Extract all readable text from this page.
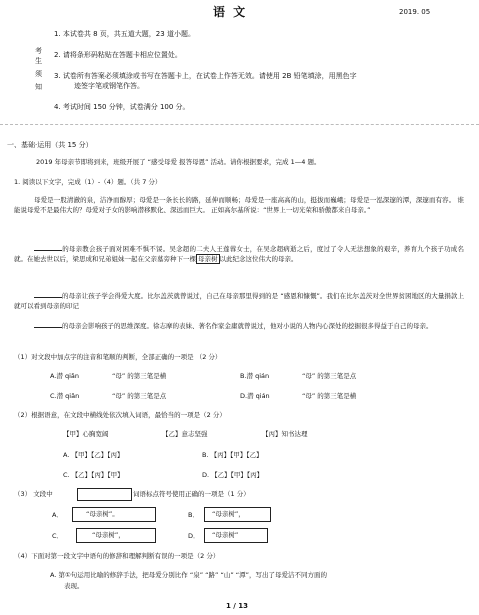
语 文	2019. 05
1. 本试卷共 8 页，共五道大题，23 道小题。
考
生
须
知
2. 请将条形码粘贴在答题卡相应位置处。
3. 试卷所有答案必须填涂或书写在答题卡上，在试卷上作答无效。请使用 2B 铅笔填涂，用黑色字
迹签字笔或钢笔作答。
4. 考试时间 150 分钟，试卷满分 100 分。
一、基础·运用（共 15 分）
2019 年母亲节即将到来，班级开展了 “感受母爱 报答母恩” 活动。请你根据要求，完成 1—4 题。
1. 阅读以下文字，完成（1）-（4）题。（共 7 分）
母爱是一股清澈的泉，洁净而醇厚；母爱是一条长长的路，延伸而顺畅；母爱是一座高高的山，挺拔而巍峨；母爱是一泓深邃的潭，深邃而有容。 谁能说母爱不是最伟大的？母爱对子女的影响潜移默化、深远而巨大。 正如高尔基所说：“世界上一切光荣和骄傲都来自母亲。”
的母亲教会孩子面对困难不惧不馁。吴念超的二夫人王莲蓉女士，在吴念超病逝之后，度过了令人无法想象的艰辛，养育九个孩子功成名就。在她去世以后，梁思成和兄弟姐妹一起在父亲墓旁种下一棵 母亲树 以此纪念这位伟大的母亲。
的母亲让孩子学会得爱大度。比尔盖茨就曾说过，自己在母亲那里得到的是 “感恩和慷慨”。我们在比尔盖茨对全世界贫困地区的大量捐款上就可以看到母亲的印记
的母亲会影响孩子的思维深度。徐志摩的表妹、著名作家金庸就曾说过，他对小说的人物内心深处的挖掘很多得益于自己的母亲。
（1）对文段中加点字的注音和笔顺的判断，全部正确的一项是 （2 分）
A.潜 qiǎn	“母” 的第三笔是横	B.潜 qián	“母” 的第三笔是点
C.潜 qiǎn	“母” 的第三笔是点	D.潜 qián	“母” 的第三笔是横
（2）根据语意，在文段中横线处依次填入词语，最恰当的一项是（2 分）
【甲】心胸宽阔	【乙】意志坚强	【丙】知书达理
A. 【甲】【乙】【丙】	B. 【丙】【甲】【乙】
C. 【乙】【丙】【甲】	D. 【乙】【甲】【丙】
（3） 文段中	词语标点符号使用正确的一项是（1 分）
A．	“母亲树”。	B． “母亲树”，
C．	“母亲树”，	D． “母亲树”
（4）下面对第一段文字中语句的修辞和理解判断有误的一项是（2 分）
A. 第①句运用比喻的修辞手法，把母爱分别比作 “泉” “路” “山” “潭”，写出了母爱洁不同方面的
表现。
1 / 13
